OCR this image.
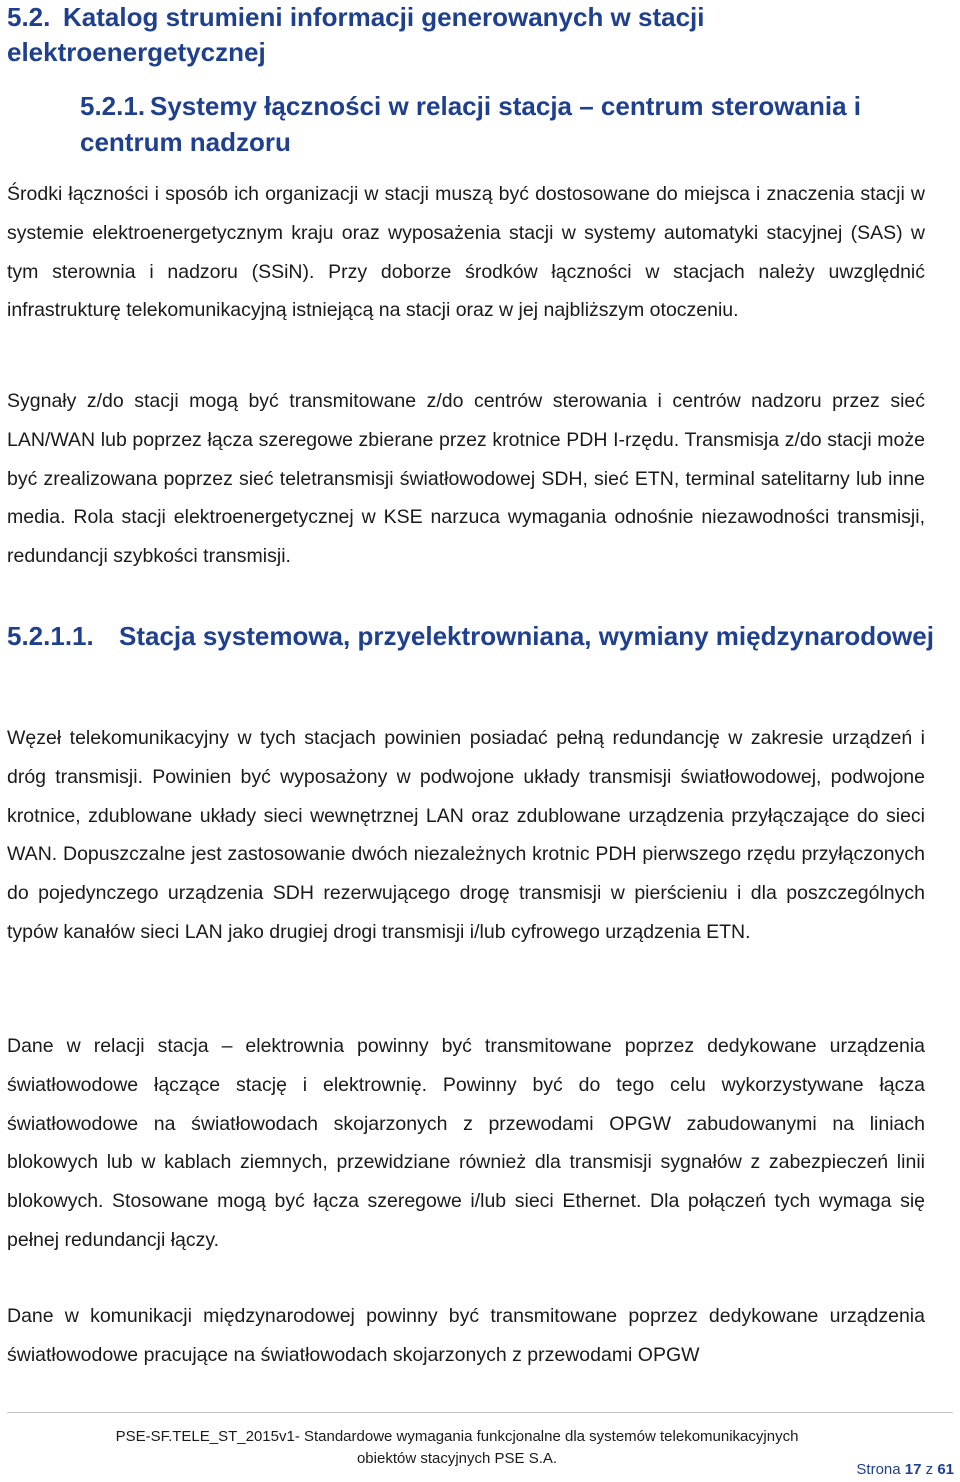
5.2. Katalog strumieni informacji generowanych w stacji elektroenergetycznej
5.2.1. Systemy łączności w relacji stacja – centrum sterowania i centrum nadzoru

Środki łączności i sposób ich organizacji w stacji muszą być dostosowane do miejsca i znaczenia stacji w systemie elektroenergetycznym kraju oraz wyposażenia stacji w systemy automatyki stacyjnej (SAS) w tym sterownia i nadzoru (SSiN). Przy doborze środków łączności w stacjach należy uwzględnić infrastrukturę telekomunikacyjną istniejącą na stacji oraz w jej najbliższym otoczeniu.

Sygnały z/do stacji mogą być transmitowane z/do centrów sterowania i centrów nadzoru przez sieć LAN/WAN lub poprzez łącza szeregowe zbierane przez krotnice PDH I-rzędu. Transmisja z/do stacji może być zrealizowana poprzez sieć teletransmisji światłowodowej SDH, sieć ETN, terminal satelitarny lub inne media. Rola stacji elektroenergetycznej w KSE narzuca wymagania odnośnie niezawodności transmisji, redundancji szybkości transmisji.

5.2.1.1. Stacja systemowa, przyelektrowniana, wymiany międzynarodowej

Węzeł telekomunikacyjny w tych stacjach powinien posiadać pełną redundancję w zakresie urządzeń i dróg transmisji. Powinien być wyposażony w podwojone układy transmisji światłowodowej, podwojone krotnice, zdublowane układy sieci wewnętrznej LAN oraz zdublowane urządzenia przyłączające do sieci WAN. Dopuszczalne jest zastosowanie dwóch niezależnych krotnic PDH pierwszego rzędu przyłączonych do pojedynczego urządzenia SDH rezerwującego drogę transmisji w pierścieniu i dla poszczególnych typów kanałów sieci LAN jako drugiej drogi transmisji i/lub cyfrowego urządzenia ETN.

Dane w relacji stacja – elektrownia powinny być transmitowane poprzez dedykowane urządzenia światłowodowe łączące stację i elektrownię. Powinny być do tego celu wykorzystywane łącza światłowodowe na światłowodach skojarzonych z przewodami OPGW zabudowanymi na liniach blokowych lub w kablach ziemnych, przewidziane również dla transmisji sygnałów z zabezpieczeń linii blokowych. Stosowane mogą być łącza szeregowe i/lub sieci Ethernet. Dla połączeń tych wymaga się pełnej redundancji łączy.

Dane w komunikacji międzynarodowej powinny być transmitowane poprzez dedykowane urządzenia światłowodowe pracujące na światłowodach skojarzonych z przewodami OPGW

PSE-SF.TELE_ST_2015v1- Standardowe wymagania funkcjonalne dla systemów telekomunikacyjnych
obiektów stacyjnych PSE S.A.
Strona 17 z 61
